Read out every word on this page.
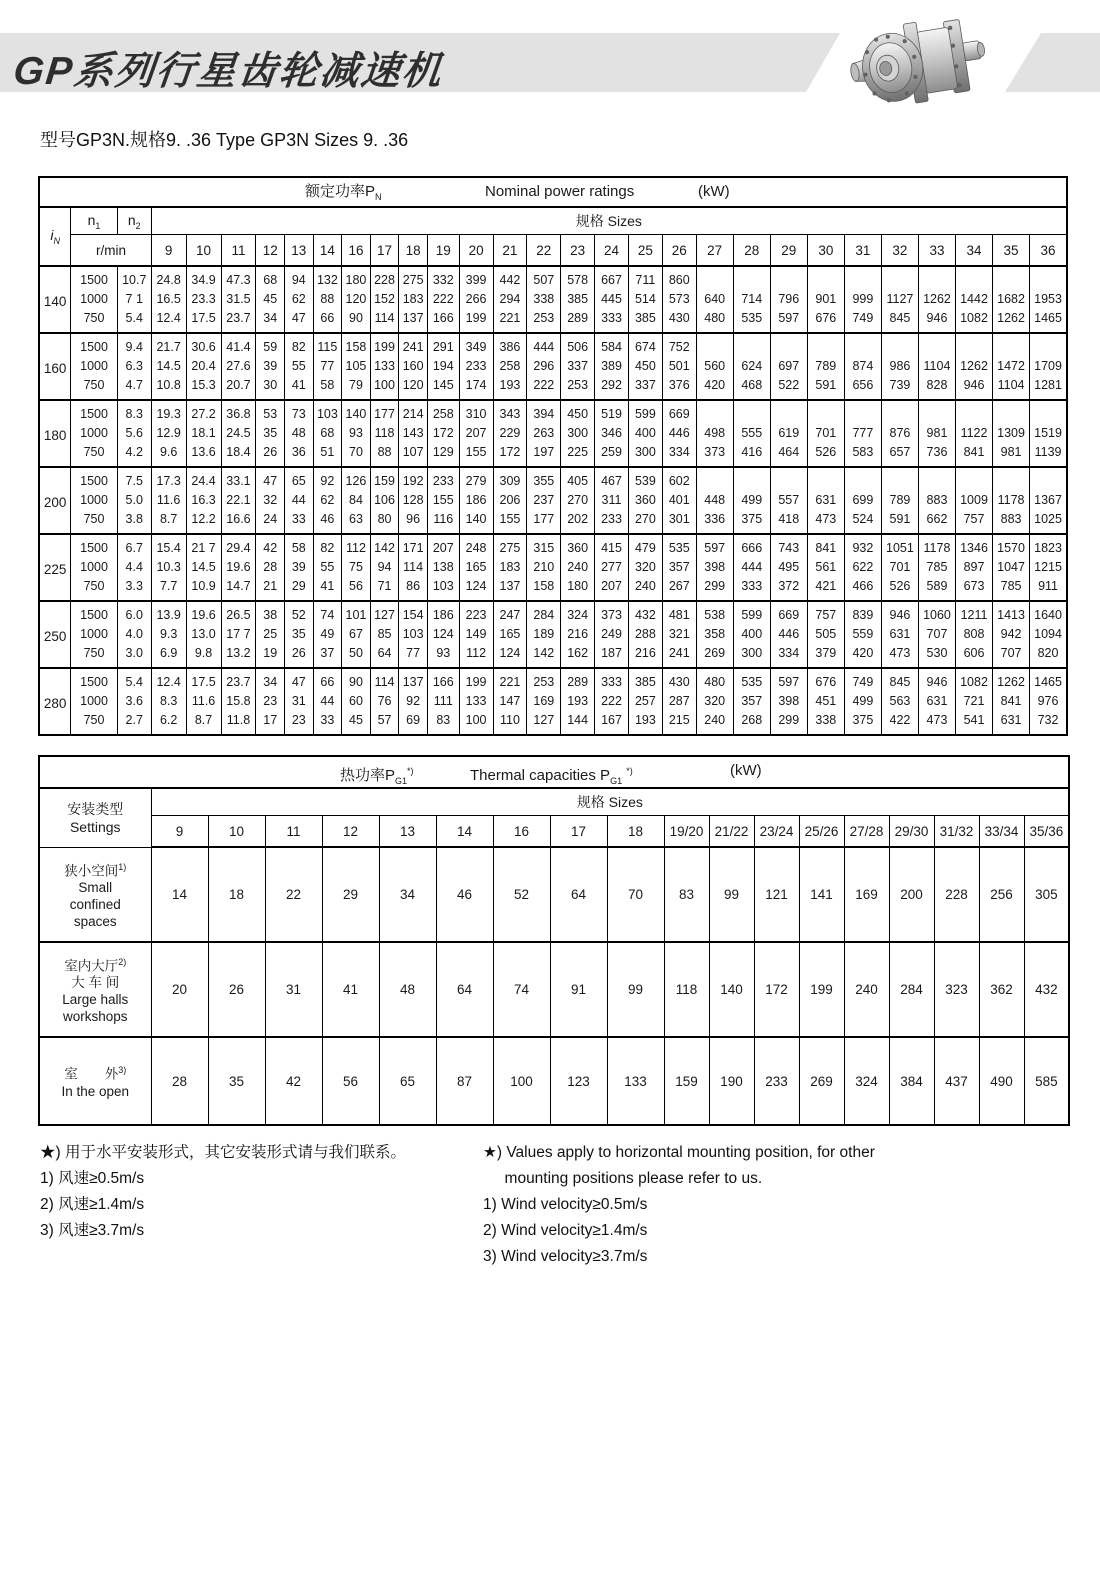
GP系列行星齿轮减速机
型号GP3N.规格9. .36 Type GP3N Sizes 9. .36
额定功率$P_N$ Nominal power ratings (kW)																													

$i_N$	$n_1$	$n_2$	规格 Sizes																										
	r/min		9	10	11	12	13	14	16	17	18	19	20	21	22	23	24	25	26	27	28	29	30	31	32	33	34	35	36
140	1500	10.7	24.8	34.9	47.3	68	94	132	180	228	275	332	399	442	507	578	667	711	860										
	1000	7 1	16.5	23.3	31.5	45	62	88	120	152	183	222	266	294	338	385	445	514	573	640	714	796	901	999	1127	1262	1442	1682	1953
	750	5.4	12.4	17.5	23.7	34	47	66	90	114	137	166	199	221	253	289	333	385	430	480	535	597	676	749	845	946	1082	1262	1465
160	1500	9.4	21.7	30.6	41.4	59	82	115	158	199	241	291	349	386	444	506	584	674	752										
	1000	6.3	14.5	20.4	27.6	39	55	77	105	133	160	194	233	258	296	337	389	450	501	560	624	697	789	874	986	1104	1262	1472	1709
	750	4.7	10.8	15.3	20.7	30	41	58	79	100	120	145	174	193	222	253	292	337	376	420	468	522	591	656	739	828	946	1104	1281
180	1500	8.3	19.3	27.2	36.8	53	73	103	140	177	214	258	310	343	394	450	519	599	669										
	1000	5.6	12.9	18.1	24.5	35	48	68	93	118	143	172	207	229	263	300	346	400	446	498	555	619	701	777	876	981	1122	1309	1519
	750	4.2	9.6	13.6	18.4	26	36	51	70	88	107	129	155	172	197	225	259	300	334	373	416	464	526	583	657	736	841	981	1139
200	1500	7.5	17.3	24.4	33.1	47	65	92	126	159	192	233	279	309	355	405	467	539	602										
	1000	5.0	11.6	16.3	22.1	32	44	62	84	106	128	155	186	206	237	270	311	360	401	448	499	557	631	699	789	883	1009	1178	1367
	750	3.8	8.7	12.2	16.6	24	33	46	63	80	96	116	140	155	177	202	233	270	301	336	375	418	473	524	591	662	757	883	1025
225	1500	6.7	15.4	21 7	29.4	42	58	82	112	142	171	207	248	275	315	360	415	479	535	597	666	743	841	932	1051	1178	1346	1570	1823
	1000	4.4	10.3	14.5	19.6	28	39	55	75	94	114	138	165	183	210	240	277	320	357	398	444	495	561	622	701	785	897	1047	1215
	750	3.3	7.7	10.9	14.7	21	29	41	56	71	86	103	124	137	158	180	207	240	267	299	333	372	421	466	526	589	673	785	911
250	1500	6.0	13.9	19.6	26.5	38	52	74	101	127	154	186	223	247	284	324	373	432	481	538	599	669	757	839	946	1060	1211	1413	1640
	1000	4.0	9.3	13.0	17 7	25	35	49	67	85	103	124	149	165	189	216	249	288	321	358	400	446	505	559	631	707	808	942	1094
	750	3.0	6.9	9.8	13.2	19	26	37	50	64	77	93	112	124	142	162	187	216	241	269	300	334	379	420	473	530	606	707	820
280	1500	5.4	12.4	17.5	23.7	34	47	66	90	114	137	166	199	221	253	289	333	385	430	480	535	597	676	749	845	946	1082	1262	1465
	1000	3.6	8.3	11.6	15.8	23	31	44	60	76	92	111	133	147	169	193	222	257	287	320	357	398	451	499	563	631	721	841	976
	750	2.7	6.2	8.7	11.8	17	23	33	45	57	69	83	100	110	127	144	167	193	215	240	268	299	338	375	422	473	541	631	732
热功率$P_{G1}^{*)}$ Thermal capacities $P_{G1}$ *) (kW)																		

安装类型
Settings	规格 Sizes																	
	9	10	11	12	13	14	16	17	18	19/20	21/22	23/24	25/26	27/28	29/30	31/32	33/34	35/36

狭小空间$^{1)}$
Small
confined
spaces	14	18	22	29	34	46	52	64	70	83	99	121	141	169	200	228	256	305

室内大厅$^{2)}$
大 车 间
Large halls
workshops	20	26	31	41	48	64	74	91	99	118	140	172	199	240	284	323	362	432

室　　外$^{3)}$
In the open	28	35	42	56	65	87	100	123	133	159	190	233	269	324	384	437	490	585
★) 用于水平安装形式，其它安装形式请与我们联系。
1) 风速≥0.5m/s
2) 风速≥1.4m/s
3) 风速≥3.7m/s
★) Values apply to horizontal mounting position, for other
mounting positions please refer to us.
1) Wind velocity≥0.5m/s
2) Wind velocity≥1.4m/s
3) Wind velocity≥3.7m/s
